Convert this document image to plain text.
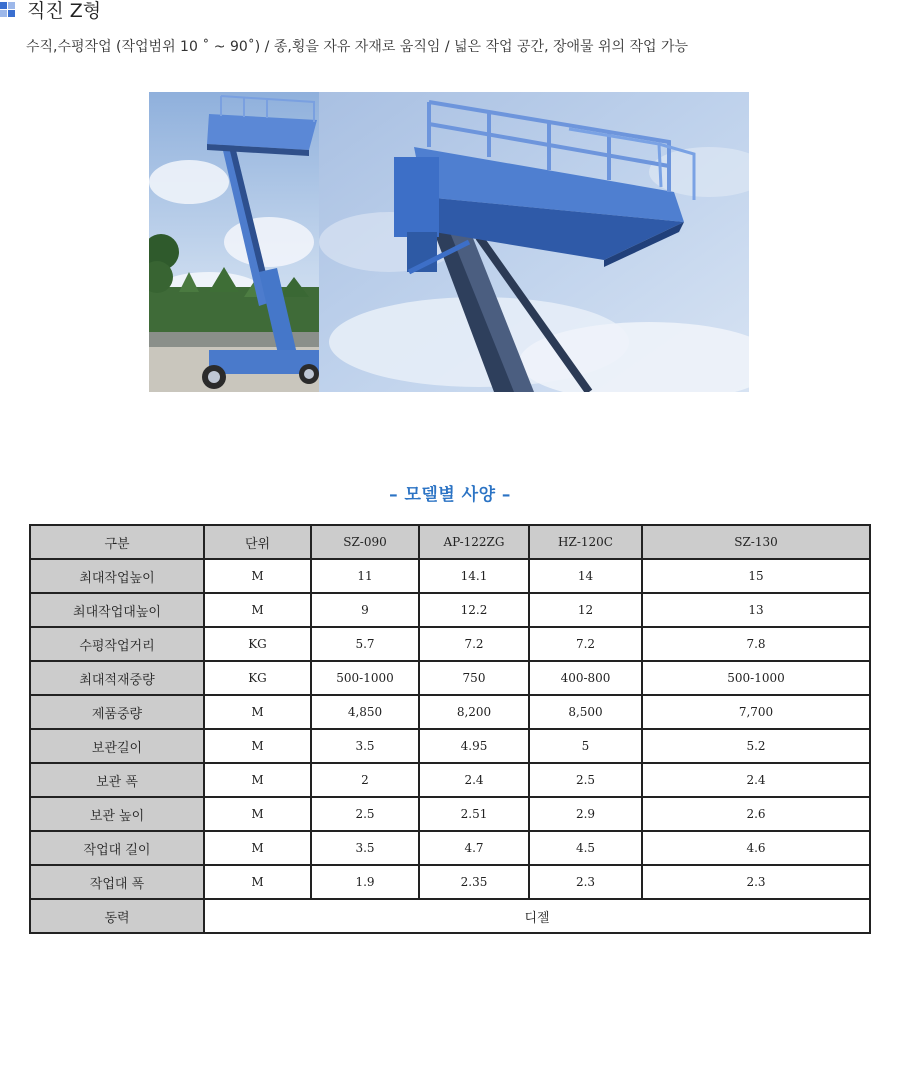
직진 Z형
수직,수평작업 (작업범위 10 ˚ ~ 90˚) / 종,횡을 자유 자재로 움직임 / 넓은 작업 공간, 장애물 위의 작업 가능
– 모델별 사양 –
구분	단위	SZ-090	AP-122ZG	HZ-120C	SZ-130
최대작업높이	M	11	14.1	14	15
최대작업대높이	M	9	12.2	12	13
수평작업거리	KG	5.7	7.2	7.2	7.8
최대적재중량	KG	500-1000	750	400-800	500-1000
제품중량	M	4,850	8,200	8,500	7,700
보관길이	M	3.5	4.95	5	5.2
보관 폭	M	2	2.4	2.5	2.4
보관 높이	M	2.5	2.51	2.9	2.6
작업대 길이	M	3.5	4.7	4.5	4.6
작업대 폭	M	1.9	2.35	2.3	2.3
동력	디젤				
